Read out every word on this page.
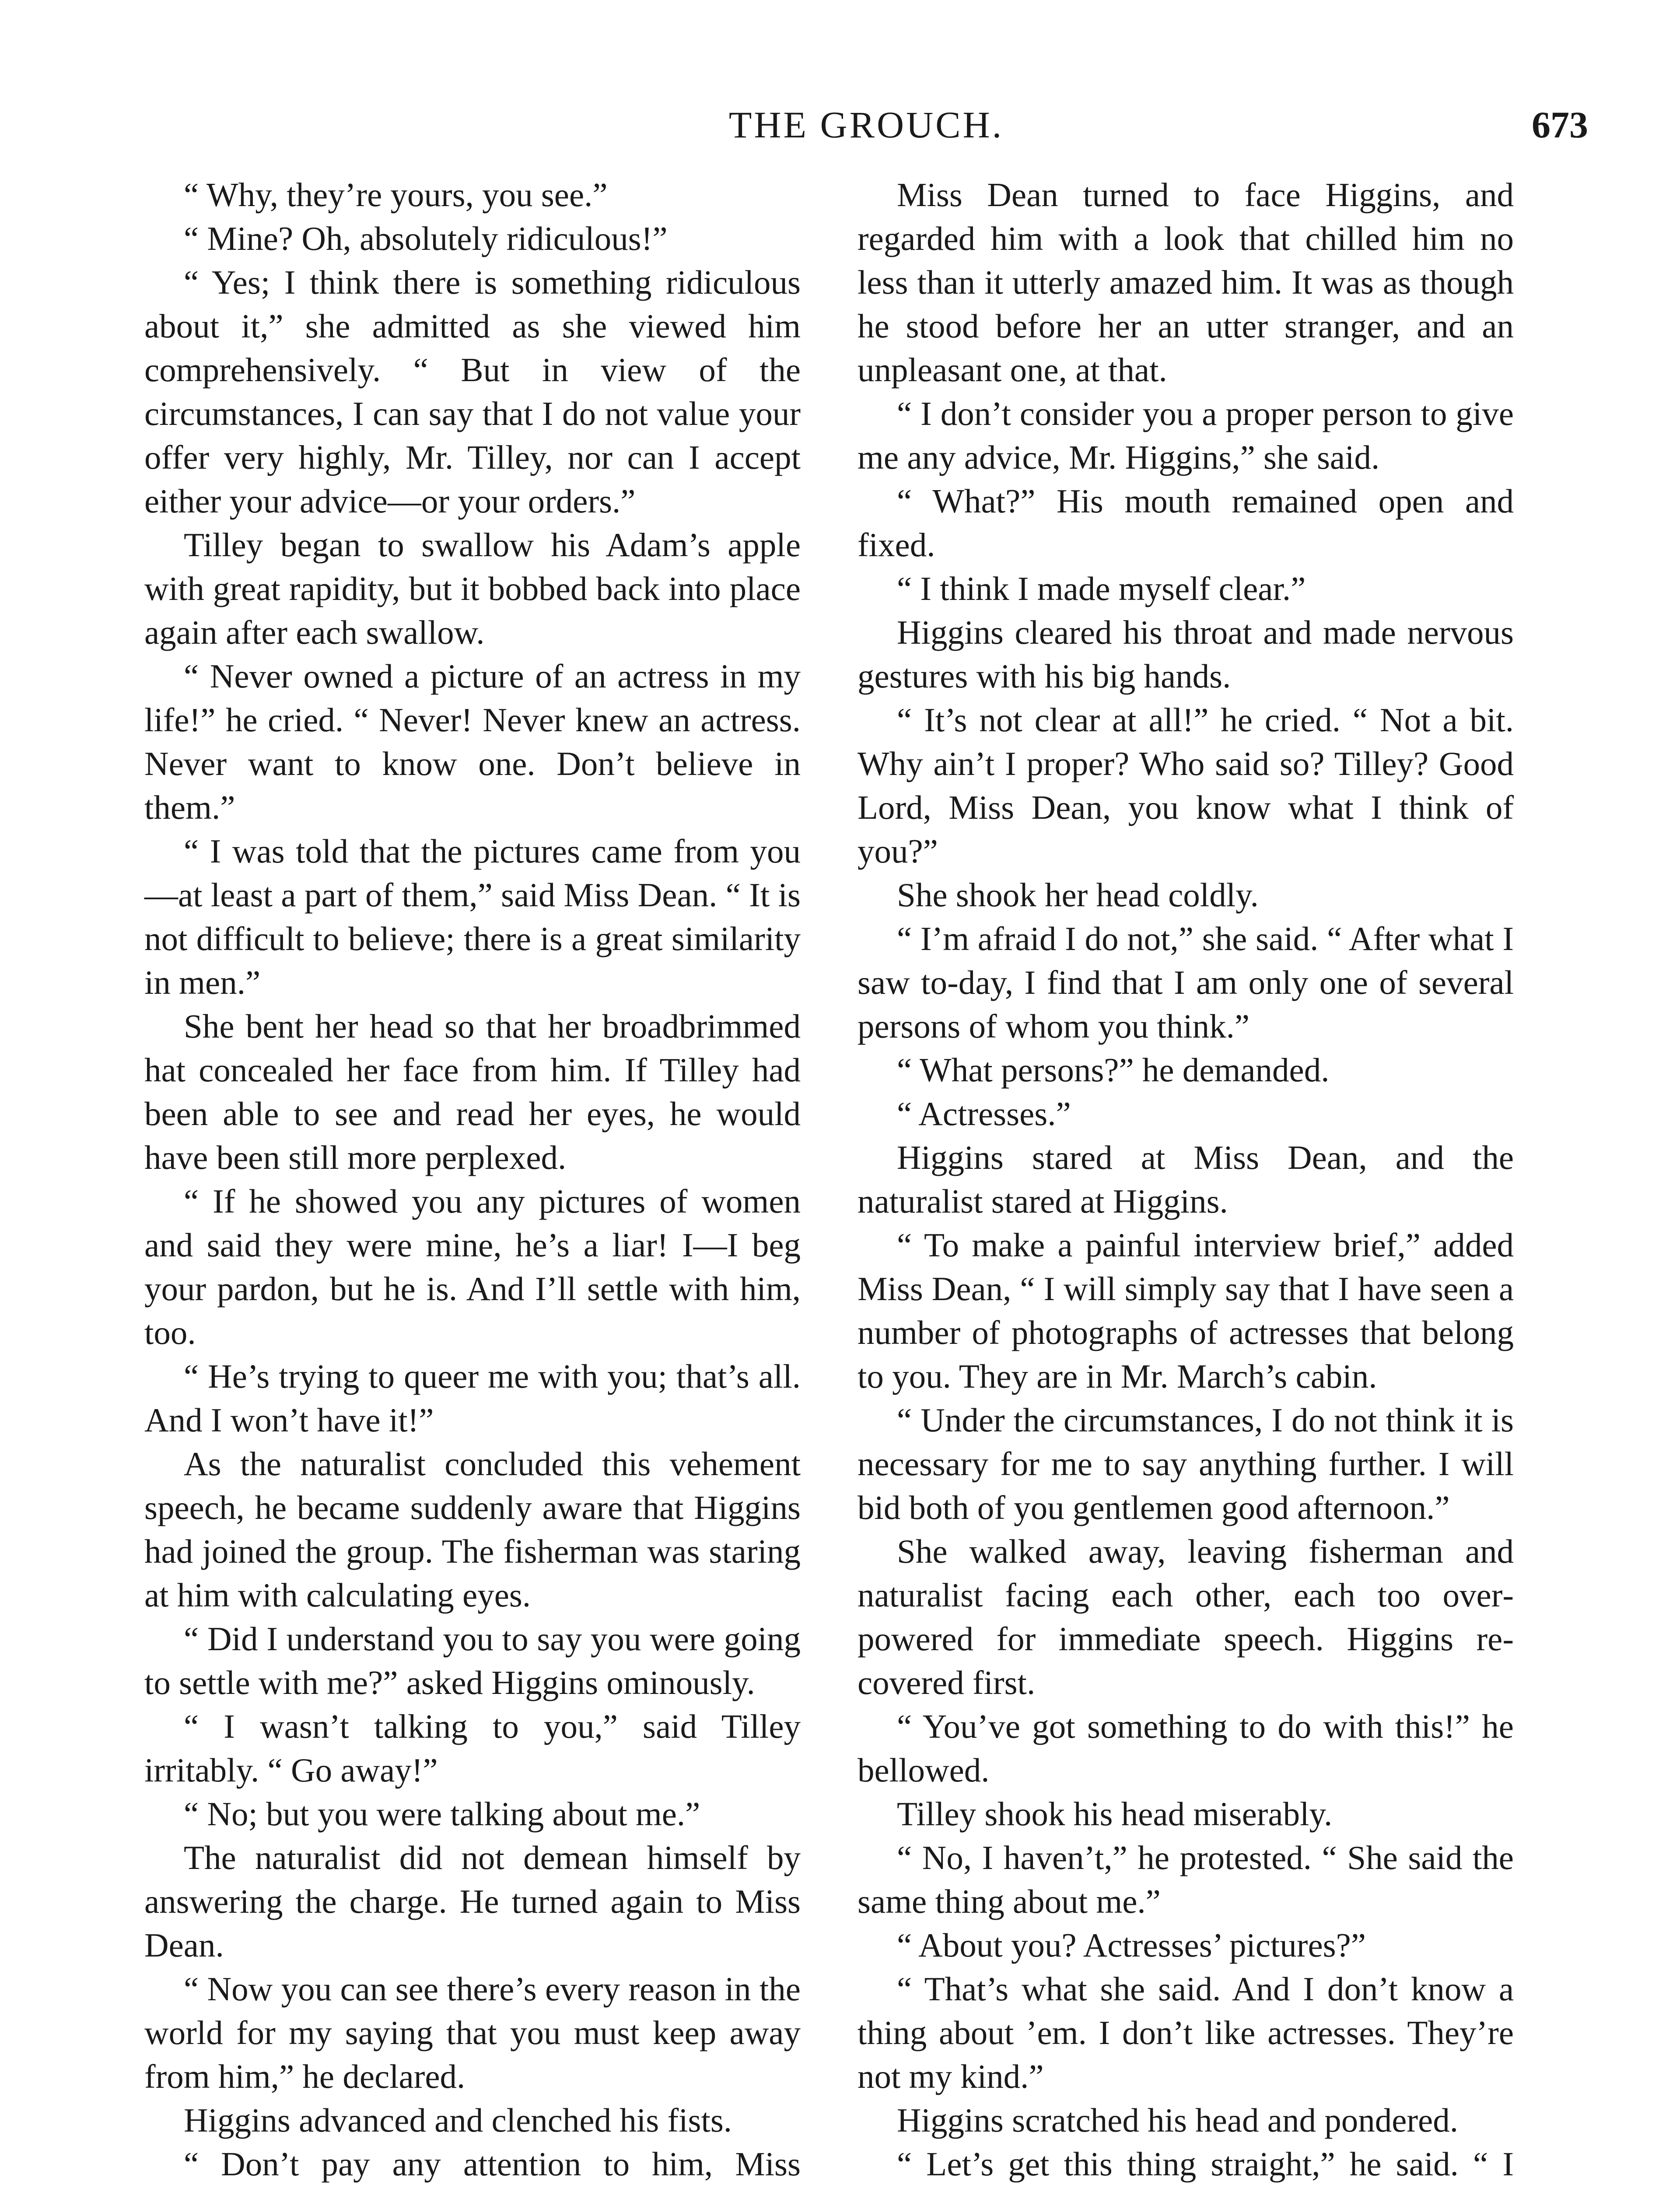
THE GROUCH.	673

“ Why, they’re yours, you see.”

“ Mine? Oh, absolutely ridiculous!”

“ Yes; I think there is something ridiculous about it,” she admitted as she viewed him comprehensively. “ But in view of the circumstances, I can say that I do not value your offer very highly, Mr. Tilley, nor can I accept either your advice—or your orders.”

Tilley began to swallow his Adam’s apple with great rapidity, but it bobbed back into place again after each swallow.

“ Never owned a picture of an actress in my life!” he cried. “ Never! Never knew an actress. Never want to know one. Don’t believe in them.”

“ I was told that the pictures came from you—at least a part of them,” said Miss Dean. “ It is not difficult to believe; there is a great similarity in men.”

She bent her head so that her broadbrimmed hat concealed her face from him. If Tilley had been able to see and read her eyes, he would have been still more perplexed.

“ If he showed you any pictures of women and said they were mine, he’s a liar! I—I beg your pardon, but he is. And I’ll settle with him, too.

“ He’s trying to queer me with you; that’s all. And I won’t have it!”

As the naturalist concluded this vehement speech, he became suddenly aware that Higgins had joined the group. The fisherman was staring at him with calculating eyes.

“ Did I understand you to say you were going to settle with me?” asked Higgins ominously.

“ I wasn’t talking to you,” said Tilley irritably. “ Go away!”

“ No; but you were talking about me.”

The naturalist did not demean himself by answering the charge. He turned again to Miss Dean.

“ Now you can see there’s every reason in the world for my saying that you must keep away from him,” he declared.

Higgins advanced and clenched his fists.

“ Don’t pay any attention to him, Miss

Miss Dean turned to face Higgins, and regarded him with a look that chilled him no less than it utterly amazed him. It was as though he stood before her an utter stranger, and an unpleasant one, at that.

“ I don’t consider you a proper person to give me any advice, Mr. Higgins,” she said.

“ What?” His mouth remained open and fixed.

“ I think I made myself clear.”

Higgins cleared his throat and made nervous gestures with his big hands.

“ It’s not clear at all!” he cried. “ Not a bit. Why ain’t I proper? Who said so? Tilley? Good Lord, Miss Dean, you know what I think of you?”

She shook her head coldly.

“ I’m afraid I do not,” she said. “ After what I saw to-day, I find that I am only one of several persons of whom you think.”

“ What persons?” he demanded.

“ Actresses.”

Higgins stared at Miss Dean, and the naturalist stared at Higgins.

“ To make a painful interview brief,” added Miss Dean, “ I will simply say that I have seen a number of photographs of actresses that belong to you. They are in Mr. March’s cabin.

“ Under the circumstances, I do not think it is necessary for me to say anything further. I will bid both of you gentlemen good afternoon.”

She walked away, leaving fisherman and naturalist facing each other, each too overpowered for immediate speech. Higgins recovered first.

“ You’ve got something to do with this!” he bellowed.

Tilley shook his head miserably.

“ No, I haven’t,” he protested. “ She said the same thing about me.”

“ About you? Actresses’ pictures?”

“ That’s what she said. And I don’t know a thing about ’em. I don’t like actresses. They’re not my kind.”

Higgins scratched his head and pondered.

“ Let’s get this thing straight,” he said. “ I
